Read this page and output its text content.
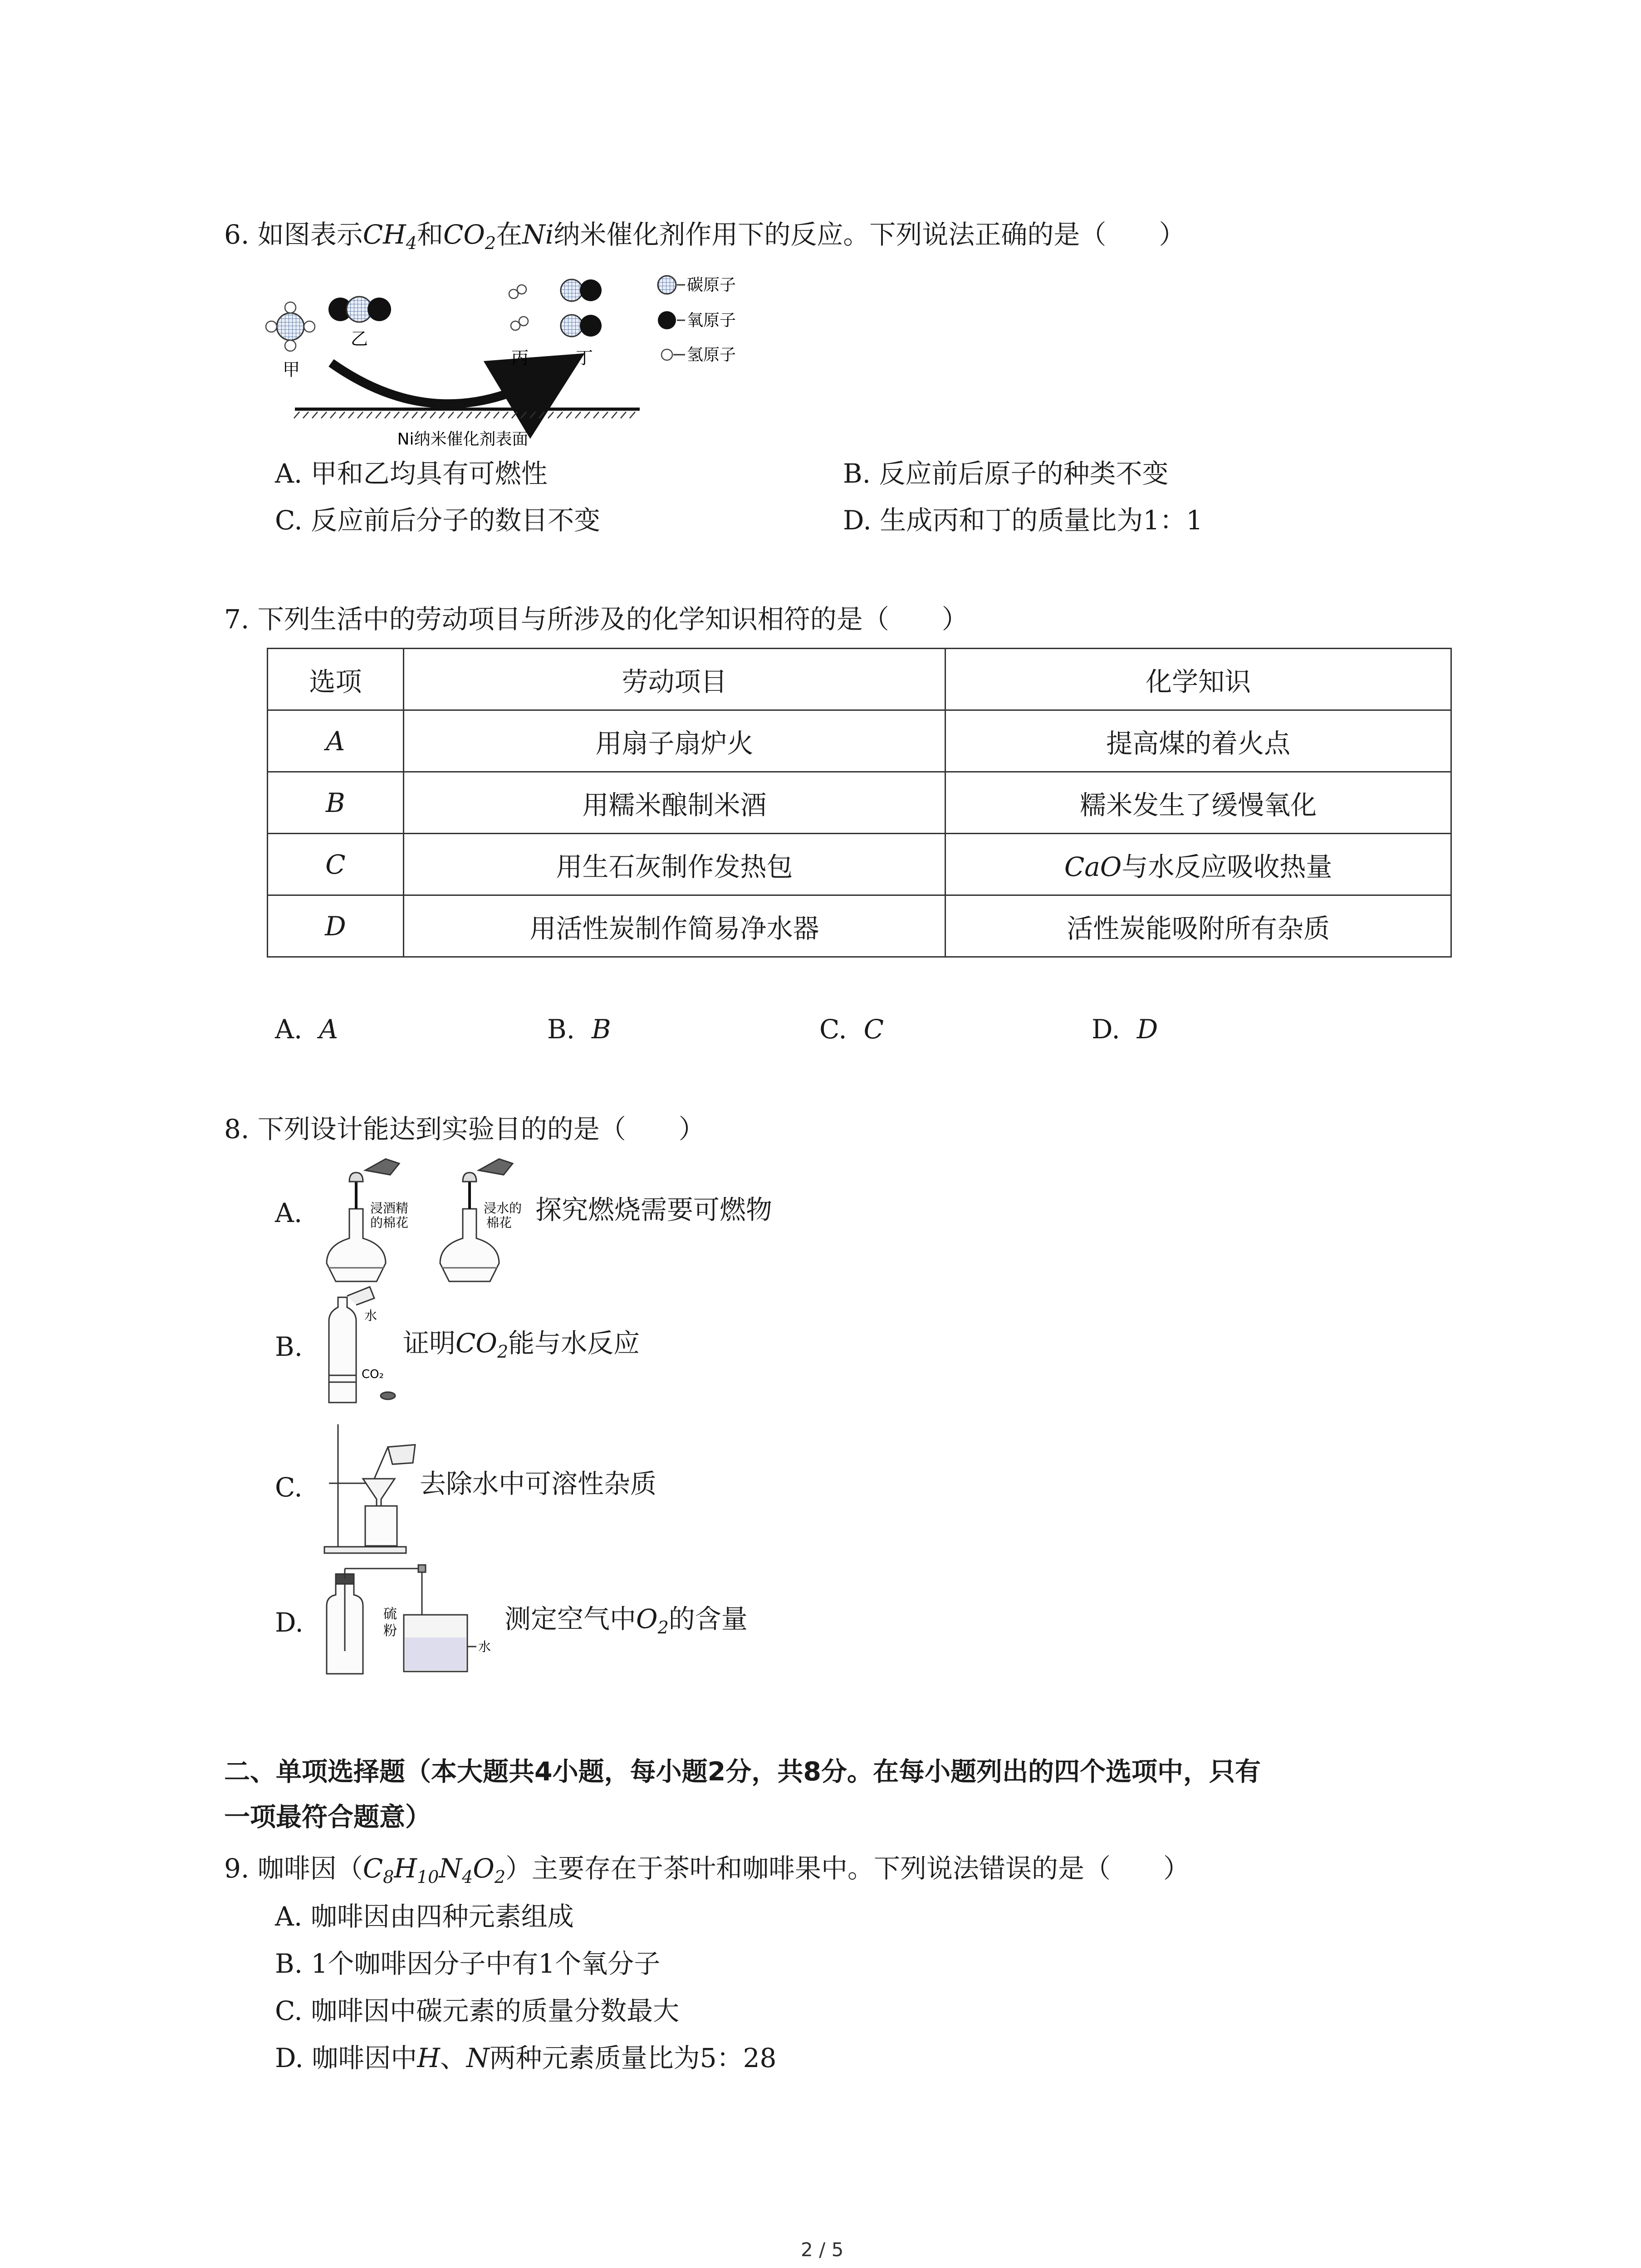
6. 如图表示$CH_4$和$CO_2$在Ni纳米催化剂作用下的反应。下列说法正确的是（　　）
甲
乙
丙	丁
碳原子
氧原子
氢原子
Ni纳米催化剂表面
A. 甲和乙均具有可燃性	B. 反应前后原子的种类不变
C. 反应前后分子的数目不变	D. 生成丙和丁的质量比为1：1
7. 下列生活中的劳动项目与所涉及的化学知识相符的是（　　）
选项	劳动项目	化学知识
A	用扇子扇炉火	提高煤的着火点
B	用糯米酿制米酒	糯米发生了缓慢氧化
C	用生石灰制作发热包	CaO与水反应吸收热量
D	用活性炭制作简易净水器	活性炭能吸附所有杂质
A. A	B. B	C. C	D. D
8. 下列设计能达到实验目的的是（　　）
A.	浸酒精
的棉花
浸水的
棉花 探究燃烧需要可燃物
B.
水
CO₂
证明$CO_2$能与水反应
C.	去除水中可溶性杂质
D.	硫
粉
水
测定空气中$O_2$的含量
二、单项选择题（本大题共4小题，每小题2分，共8分。在每小题列出的四个选项中，只有
一项最符合题意）
9. 咖啡因$(C_8H_{10}N_4O_2)$主要存在于茶叶和咖啡果中。下列说法错误的是（　　）
A. 咖啡因由四种元素组成
B. 1个咖啡因分子中有1个氧分子
C. 咖啡因中碳元素的质量分数最大
D. 咖啡因中H、N两种元素质量比为5：28
2 / 5
